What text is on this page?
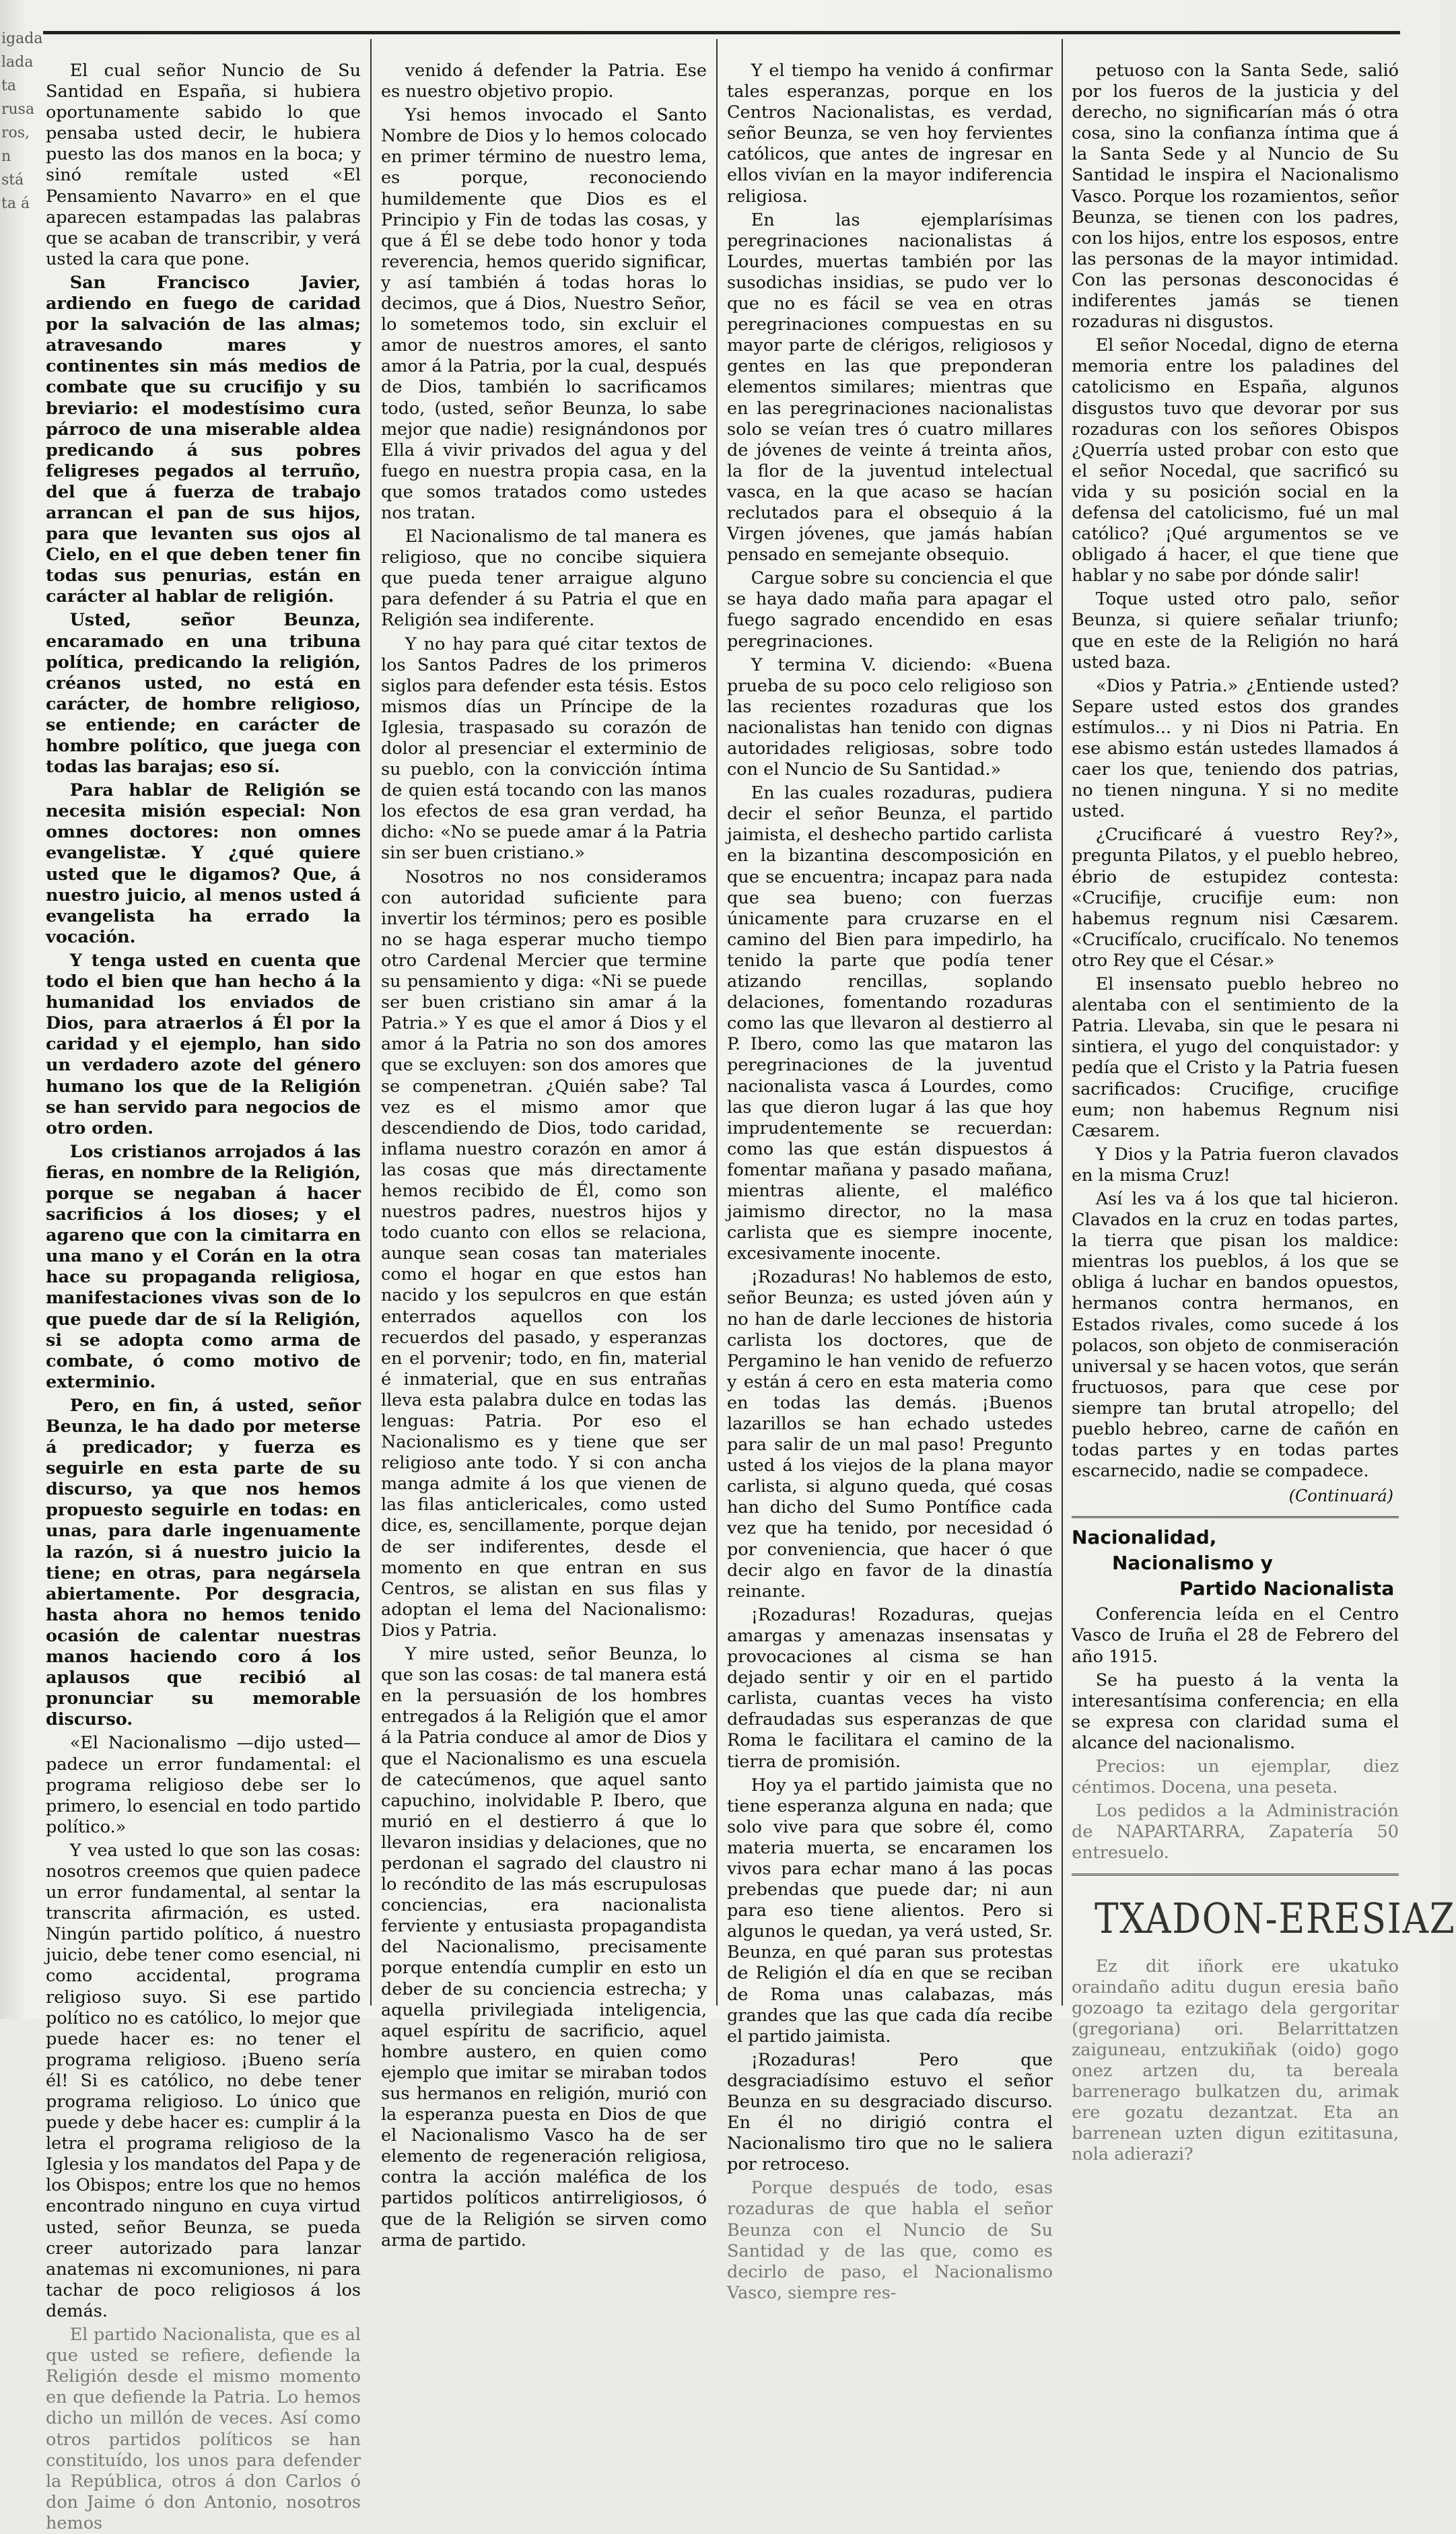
igada
lada
ta
rusa
ros,
n
stá
ta á

El cual señor Nuncio de Su Santidad en España, si hubiera oportunamente sabido lo que pensaba usted decir, le hubiera puesto las dos manos en la boca; y sinó remítale usted «El Pensamiento Navarro» en el que aparecen estampadas las palabras que se acaban de transcribir, y verá usted la cara que pone.

San Francisco Javier, ardiendo en fuego de caridad por la salvación de las almas; atravesando mares y continentes sin más medios de combate que su crucifijo y su breviario: el modestísimo cura párroco de una miserable aldea predicando á sus pobres feligreses pegados al terruño, del que á fuerza de trabajo arrancan el pan de sus hijos, para que levanten sus ojos al Cielo, en el que deben tener fin todas sus penurias, están en carácter al hablar de religión.

Usted, señor Beunza, encaramado en una tribuna política, predicando la religión, créanos usted, no está en carácter, de hombre religioso, se entiende; en carácter de hombre político, que juega con todas las barajas; eso sí.

Para hablar de Religión se necesita misión especial: Non omnes doctores: non omnes evangelistæ. Y ¿qué quiere usted que le digamos? Que, á nuestro juicio, al menos usted á evangelista ha errado la vocación.

Y tenga usted en cuenta que todo el bien que han hecho á la humanidad los enviados de Dios, para atraerlos á Él por la caridad y el ejemplo, han sido un verdadero azote del género humano los que de la Religión se han servido para negocios de otro orden.

Los cristianos arrojados á las fieras, en nombre de la Religión, porque se negaban á hacer sacrificios á los dioses; y el agareno que con la cimitarra en una mano y el Corán en la otra hace su propaganda religiosa, manifestaciones vivas son de lo que puede dar de sí la Religión, si se adopta como arma de combate, ó como motivo de exterminio.

Pero, en fin, á usted, señor Beunza, le ha dado por meterse á predicador; y fuerza es seguirle en esta parte de su discurso, ya que nos hemos propuesto seguirle en todas: en unas, para darle ingenuamente la razón, si á nuestro juicio la tiene; en otras, para negársela abiertamente. Por desgracia, hasta ahora no hemos tenido ocasión de calentar nuestras manos haciendo coro á los aplausos que recibió al pronunciar su memorable discurso.

«El Nacionalismo —dijo usted— padece un error fundamental: el programa religioso debe ser lo primero, lo esencial en todo partido político.»

Y vea usted lo que son las cosas: nosotros creemos que quien padece un error fundamental, al sentar la transcrita afirmación, es usted. Ningún partido político, á nuestro juicio, debe tener como esencial, ni como accidental, programa religioso suyo. Si ese partido político no es católico, lo mejor que puede hacer es: no tener el programa religioso. ¡Bueno sería él! Si es católico, no debe tener programa religioso. Lo único que puede y debe hacer es: cumplir á la letra el programa religioso de la Iglesia y los mandatos del Papa y de los Obispos; entre los que no hemos encontrado ninguno en cuya virtud usted, señor Beunza, se pueda creer autorizado para lanzar anatemas ni excomuniones, ni para tachar de poco religiosos á los demás.

El partido Nacionalista, que es al que usted se refiere, defiende la Religión desde el mismo momento en que defiende la Patria. Lo hemos dicho un millón de veces. Así como otros partidos políticos se han constituído, los unos para defender la República, otros á don Carlos ó don Jaime ó don Antonio, nosotros hemos

venido á defender la Patria. Ese es nuestro objetivo propio.

Ysi hemos invocado el Santo Nombre de Dios y lo hemos colocado en primer término de nuestro lema, es porque, reconociendo humildemente que Dios es el Principio y Fin de todas las cosas, y que á Él se debe todo honor y toda reverencia, hemos querido significar, y así también á todas horas lo decimos, que á Dios, Nuestro Señor, lo sometemos todo, sin excluir el amor de nuestros amores, el santo amor á la Patria, por la cual, después de Dios, también lo sacrificamos todo, (usted, señor Beunza, lo sabe mejor que nadie) resignándonos por Ella á vivir privados del agua y del fuego en nuestra propia casa, en la que somos tratados como ustedes nos tratan.

El Nacionalismo de tal manera es religioso, que no concibe siquiera que pueda tener arraigue alguno para defender á su Patria el que en Religión sea indiferente.

Y no hay para qué citar textos de los Santos Padres de los primeros siglos para defender esta tésis. Estos mismos días un Príncipe de la Iglesia, traspasado su corazón de dolor al presenciar el exterminio de su pueblo, con la convicción íntima de quien está tocando con las manos los efectos de esa gran verdad, ha dicho: «No se puede amar á la Patria sin ser buen cristiano.»

Nosotros no nos consideramos con autoridad suficiente para invertir los términos; pero es posible no se haga esperar mucho tiempo otro Cardenal Mercier que termine su pensamiento y diga: «Ni se puede ser buen cristiano sin amar á la Patria.» Y es que el amor á Dios y el amor á la Patria no son dos amores que se excluyen: son dos amores que se compenetran. ¿Quién sabe? Tal vez es el mismo amor que descendiendo de Dios, todo caridad, inflama nuestro corazón en amor á las cosas que más directamente hemos recibido de Él, como son nuestros padres, nuestros hijos y todo cuanto con ellos se relaciona, aunque sean cosas tan materiales como el hogar en que estos han nacido y los sepulcros en que están enterrados aquellos con los recuerdos del pasado, y esperanzas en el porvenir; todo, en fin, material é inmaterial, que en sus entrañas lleva esta palabra dulce en todas las lenguas: Patria. Por eso el Nacionalismo es y tiene que ser religioso ante todo. Y si con ancha manga admite á los que vienen de las filas anticlericales, como usted dice, es, sencillamente, porque dejan de ser indiferentes, desde el momento en que entran en sus Centros, se alistan en sus filas y adoptan el lema del Nacionalismo: Dios y Patria.

Y mire usted, señor Beunza, lo que son las cosas: de tal manera está en la persuasión de los hombres entregados á la Religión que el amor á la Patria conduce al amor de Dios y que el Nacionalismo es una escuela de catecúmenos, que aquel santo capuchino, inolvidable P. Ibero, que murió en el destierro á que lo llevaron insidias y delaciones, que no perdonan el sagrado del claustro ni lo recóndito de las más escrupulosas conciencias, era nacionalista ferviente y entusiasta propagandista del Nacionalismo, precisamente porque entendía cumplir en esto un deber de su conciencia estrecha; y aquella privilegiada inteligencia, aquel espíritu de sacrificio, aquel hombre austero, en quien como ejemplo que imitar se miraban todos sus hermanos en religión, murió con la esperanza puesta en Dios de que el Nacionalismo Vasco ha de ser elemento de regeneración religiosa, contra la acción maléfica de los partidos políticos antirreligiosos, ó que de la Religión se sirven como arma de partido.

Y el tiempo ha venido á confirmar tales esperanzas, porque en los Centros Nacionalistas, es verdad, señor Beunza, se ven hoy fervientes católicos, que antes de ingresar en ellos vivían en la mayor indiferencia religiosa.

En las ejemplarísimas peregrinaciones nacionalistas á Lourdes, muertas también por las susodichas insidias, se pudo ver lo que no es fácil se vea en otras peregrinaciones compuestas en su mayor parte de clérigos, religiosos y gentes en las que preponderan elementos similares; mientras que en las peregrinaciones nacionalistas solo se veían tres ó cuatro millares de jóvenes de veinte á treinta años, la flor de la juventud intelectual vasca, en la que acaso se hacían reclutados para el obsequio á la Virgen jóvenes, que jamás habían pensado en semejante obsequio.

Cargue sobre su conciencia el que se haya dado maña para apagar el fuego sagrado encendido en esas peregrinaciones.

Y termina V. diciendo: «Buena prueba de su poco celo religioso son las recientes rozaduras que los nacionalistas han tenido con dignas autoridades religiosas, sobre todo con el Nuncio de Su Santidad.»

En las cuales rozaduras, pudiera decir el señor Beunza, el partido jaimista, el deshecho partido carlista en la bizantina descomposición en que se encuentra; incapaz para nada que sea bueno; con fuerzas únicamente para cruzarse en el camino del Bien para impedirlo, ha tenido la parte que podía tener atizando rencillas, soplando delaciones, fomentando rozaduras como las que llevaron al destierro al P. Ibero, como las que mataron las peregrinaciones de la juventud nacionalista vasca á Lourdes, como las que dieron lugar á las que hoy imprudentemente se recuerdan: como las que están dispuestos á fomentar mañana y pasado mañana, mientras aliente, el maléfico jaimismo director, no la masa carlista que es siempre inocente, excesivamente inocente.

¡Rozaduras! No hablemos de esto, señor Beunza; es usted jóven aún y no han de darle lecciones de historia carlista los doctores, que de Pergamino le han venido de refuerzo y están á cero en esta materia como en todas las demás. ¡Buenos lazarillos se han echado ustedes para salir de un mal paso! Pregunto usted á los viejos de la plana mayor carlista, si alguno queda, qué cosas han dicho del Sumo Pontífice cada vez que ha tenido, por necesidad ó por conveniencia, que hacer ó que decir algo en favor de la dinastía reinante.

¡Rozaduras! Rozaduras, quejas amargas y amenazas insensatas y provocaciones al cisma se han dejado sentir y oir en el partido carlista, cuantas veces ha visto defraudadas sus esperanzas de que Roma le facilitara el camino de la tierra de promisión.

Hoy ya el partido jaimista que no tiene esperanza alguna en nada; que solo vive para que sobre él, como materia muerta, se encaramen los vivos para echar mano á las pocas prebendas que puede dar; ni aun para eso tiene alientos. Pero si algunos le quedan, ya verá usted, Sr. Beunza, en qué paran sus protestas de Religión el día en que se reciban de Roma unas calabazas, más grandes que las que cada día recibe el partido jaimista.

¡Rozaduras! Pero que desgraciadísimo estuvo el señor Beunza en su desgraciado discurso. En él no dirigió contra el Nacionalismo tiro que no le saliera por retroceso.

Porque después de todo, esas rozaduras de que habla el señor Beunza con el Nuncio de Su Santidad y de las que, como es decirlo de paso, el Nacionalismo Vasco, siempre res-

petuoso con la Santa Sede, salió por los fueros de la justicia y del derecho, no significarían más ó otra cosa, sino la confianza íntima que á la Santa Sede y al Nuncio de Su Santidad le inspira el Nacionalismo Vasco. Porque los rozamientos, señor Beunza, se tienen con los padres, con los hijos, entre los esposos, entre las personas de la mayor intimidad. Con las personas desconocidas é indiferentes jamás se tienen rozaduras ni disgustos.

El señor Nocedal, digno de eterna memoria entre los paladines del catolicismo en España, algunos disgustos tuvo que devorar por sus rozaduras con los señores Obispos ¿Querría usted probar con esto que el señor Nocedal, que sacrificó su vida y su posición social en la defensa del catolicismo, fué un mal católico? ¡Qué argumentos se ve obligado á hacer, el que tiene que hablar y no sabe por dónde salir!

Toque usted otro palo, señor Beunza, si quiere señalar triunfo; que en este de la Religión no hará usted baza.

«Dios y Patria.» ¿Entiende usted? Separe usted estos dos grandes estímulos... y ni Dios ni Patria. En ese abismo están ustedes llamados á caer los que, teniendo dos patrias, no tienen ninguna. Y si no medite usted.

¿Crucificaré á vuestro Rey?», pregunta Pilatos, y el pueblo hebreo, ébrio de estupidez contesta: «Crucifije, crucifije eum: non habemus regnum nisi Cæsarem. «Crucifícalo, crucifícalo. No tenemos otro Rey que el César.»

El insensato pueblo hebreo no alentaba con el sentimiento de la Patria. Llevaba, sin que le pesara ni sintiera, el yugo del conquistador: y pedía que el Cristo y la Patria fuesen sacrificados: Crucifige, crucifige eum; non habemus Regnum nisi Cæsarem.

Y Dios y la Patria fueron clavados en la misma Cruz!

Así les va á los que tal hicieron. Clavados en la cruz en todas partes, la tierra que pisan los maldice: mientras los pueblos, á los que se obliga á luchar en bandos opuestos, hermanos contra hermanos, en Estados rivales, como sucede á los polacos, son objeto de conmiseración universal y se hacen votos, que serán fructuosos, para que cese por siempre tan brutal atropello; del pueblo hebreo, carne de cañón en todas partes y en todas partes escarnecido, nadie se compadece.

(Continuará)
Nacionalidad,
Nacionalismo y
Partido Nacionalista

Conferencia leída en el Centro Vasco de Iruña el 28 de Febrero del año 1915.

Se ha puesto á la venta la interesantísima conferencia; en ella se expresa con claridad suma el alcance del nacionalismo.

Precios: un ejemplar, diez céntimos. Docena, una peseta.

Los pedidos a la Administración de NAPARTARRA, Zapatería 50 entresuelo.

TXADON-ERESIAZ

Ez dit iñork ere ukatuko oraindaño aditu dugun eresia baño gozoago ta ezitago dela gergoritar (gregoriana) ori. Belarrittatzen zaiguneau, entzukiñak (oido) gogo onez artzen du, ta bereala barrenerago bulkatzen du, arimak ere gozatu dezantzat. Eta an barrenean uzten digun ezititasuna, nola adierazi?
